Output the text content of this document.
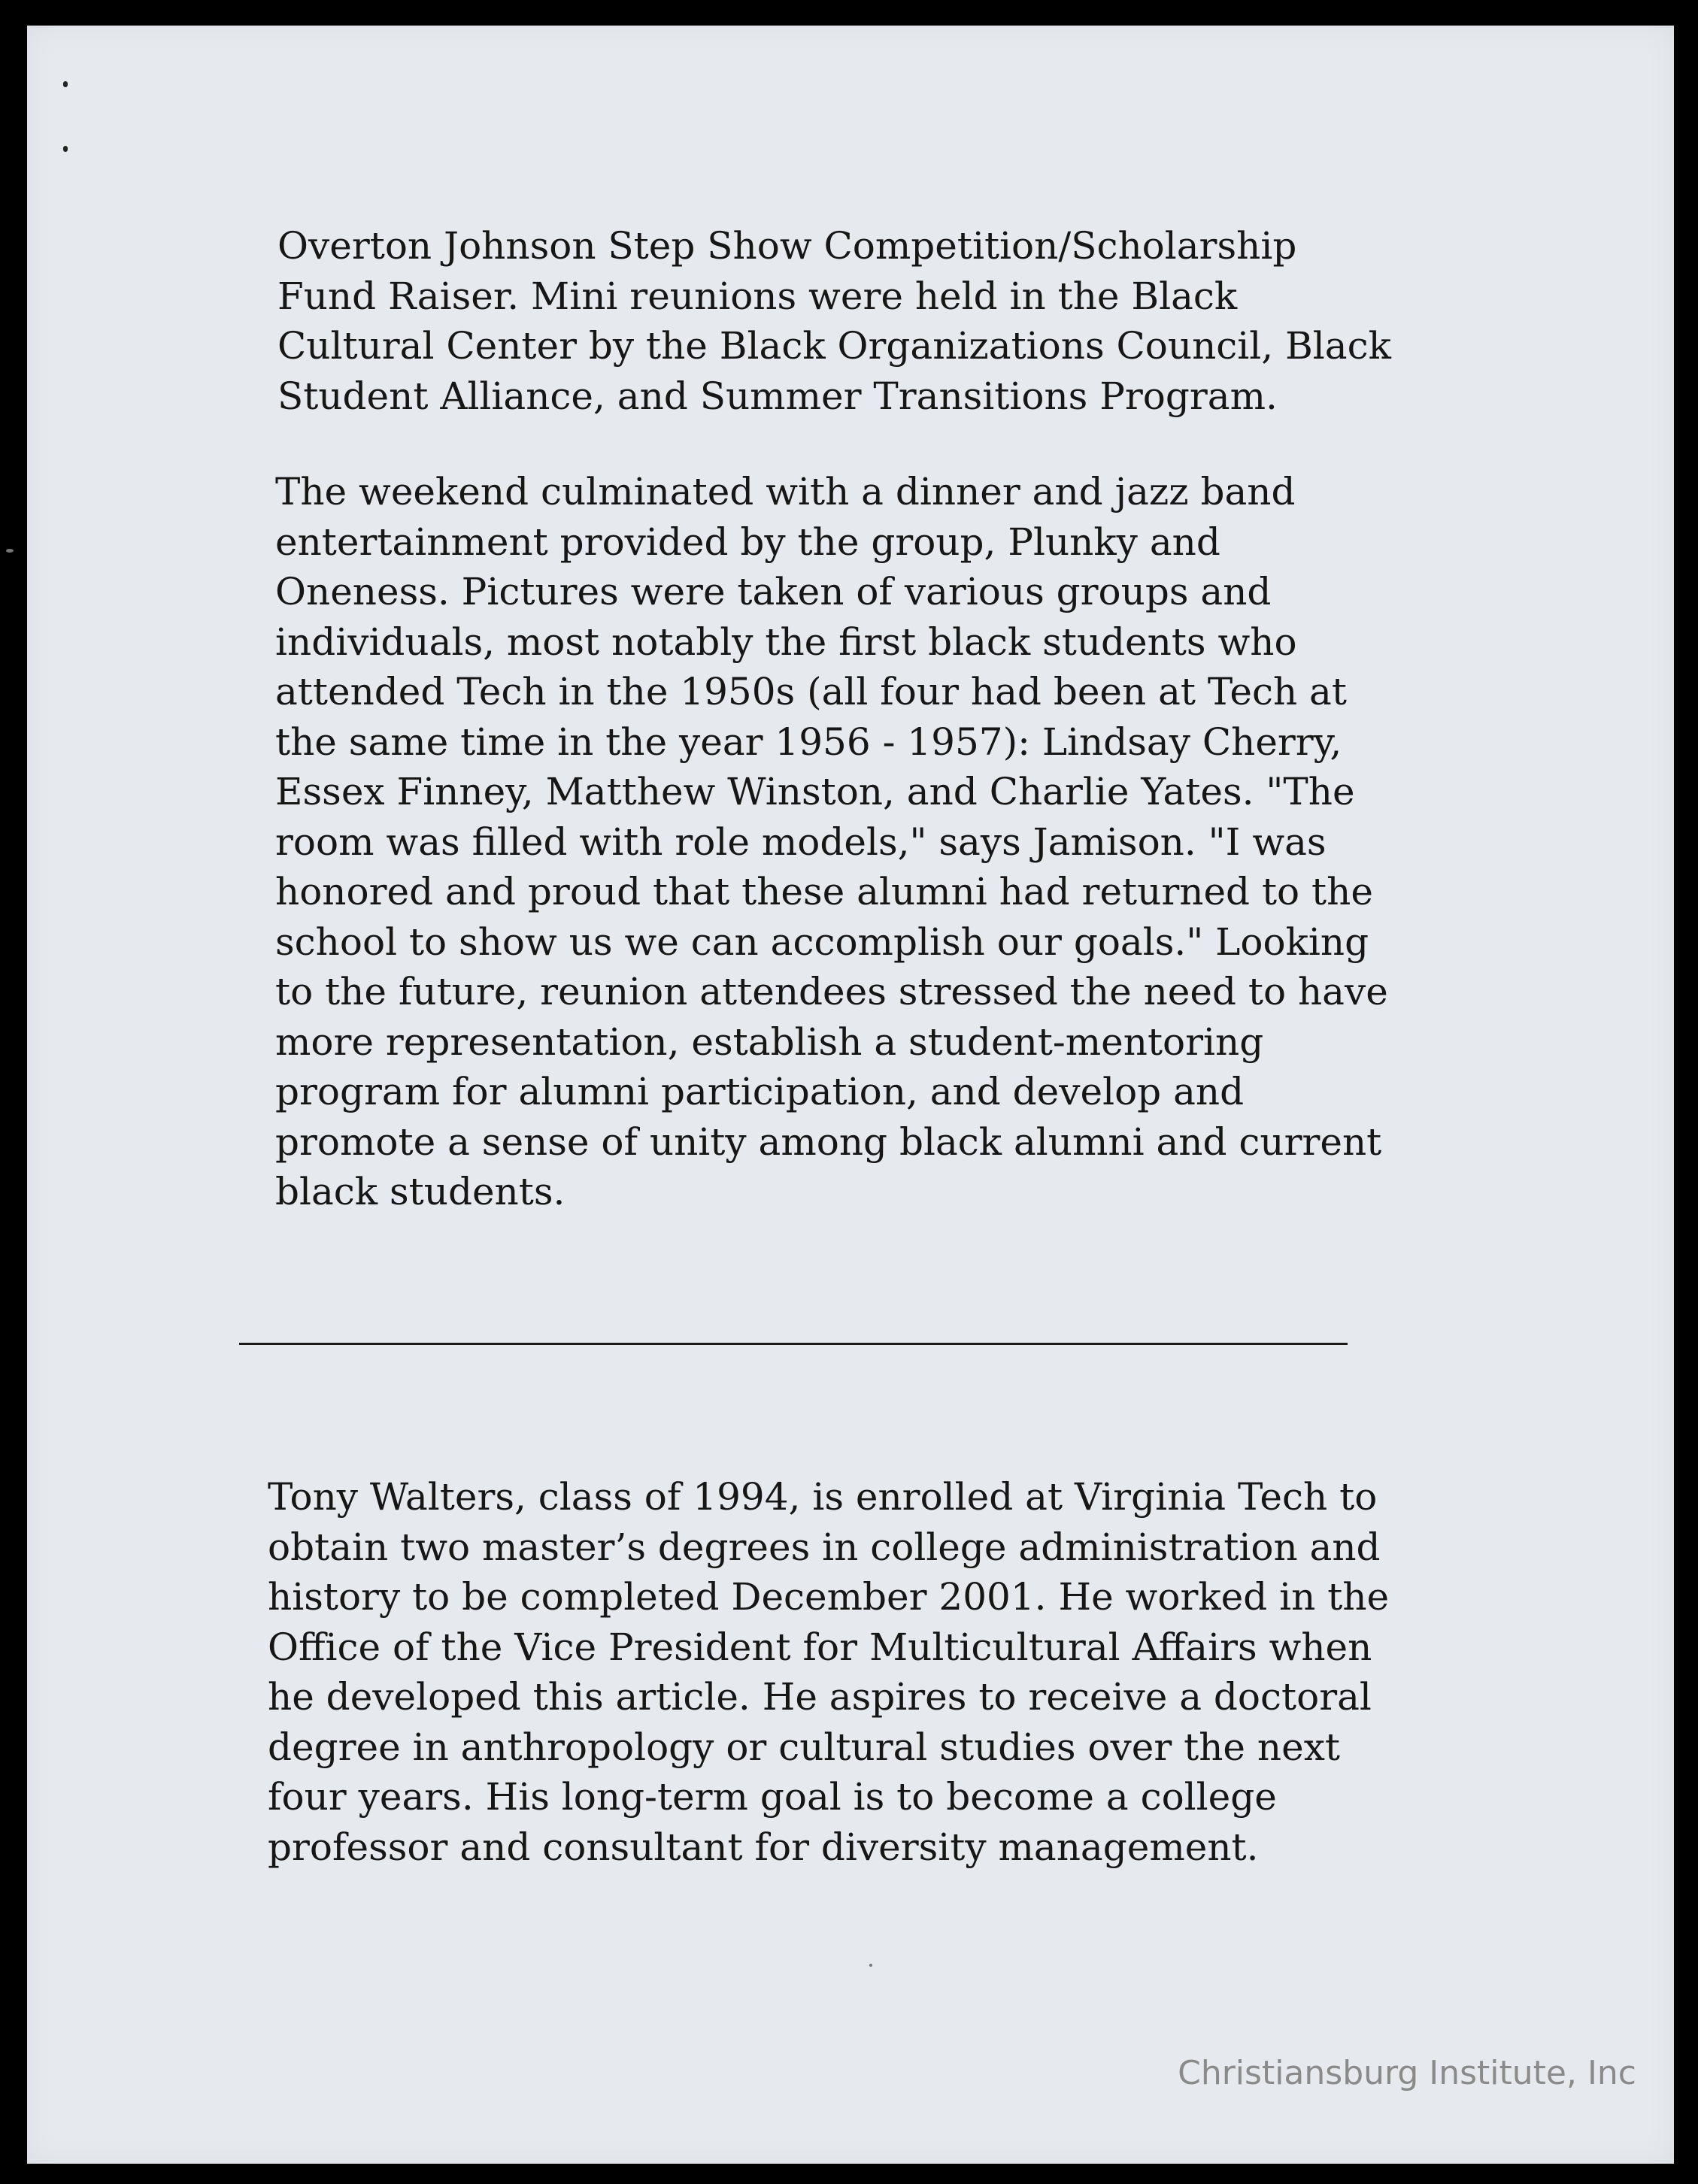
Overton Johnson Step Show Competition/Scholarship
Fund Raiser. Mini reunions were held in the Black
Cultural Center by the Black Organizations Council, Black
Student Alliance, and Summer Transitions Program.
The weekend culminated with a dinner and jazz band
entertainment provided by the group, Plunky and
Oneness. Pictures were taken of various groups and
individuals, most notably the first black students who
attended Tech in the 1950s (all four had been at Tech at
the same time in the year 1956 - 1957): Lindsay Cherry,
Essex Finney, Matthew Winston, and Charlie Yates. "The
room was filled with role models," says Jamison. "I was
honored and proud that these alumni had returned to the
school to show us we can accomplish our goals." Looking
to the future, reunion attendees stressed the need to have
more representation, establish a student-mentoring
program for alumni participation, and develop and
promote a sense of unity among black alumni and current
black students.
Tony Walters, class of 1994, is enrolled at Virginia Tech to
obtain two master’s degrees in college administration and
history to be completed December 2001. He worked in the
Office of the Vice President for Multicultural Affairs when
he developed this article. He aspires to receive a doctoral
degree in anthropology or cultural studies over the next
four years. His long-term goal is to become a college
professor and consultant for diversity management.
Christiansburg Institute, Inc
